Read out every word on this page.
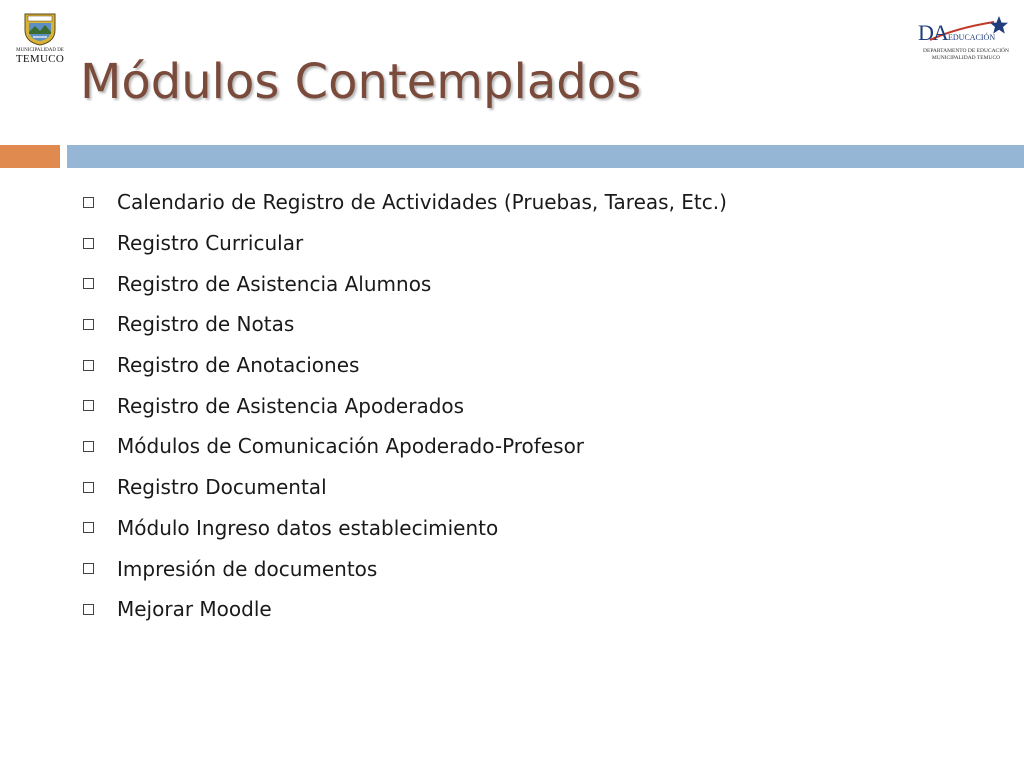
MUNICIPALIDAD DE
TEMUCO
DA EDUCACIÓN
DEPARTAMENTO DE EDUCACIÓN
MUNICIPALIDAD TEMUCO
Módulos Contemplados
Calendario de Registro de Actividades (Pruebas, Tareas, Etc.)
Registro Curricular
Registro de Asistencia Alumnos
Registro de Notas
Registro de Anotaciones
Registro de Asistencia Apoderados
Módulos de Comunicación Apoderado-Profesor
Registro Documental
Módulo Ingreso datos establecimiento
Impresión de documentos
Mejorar Moodle
